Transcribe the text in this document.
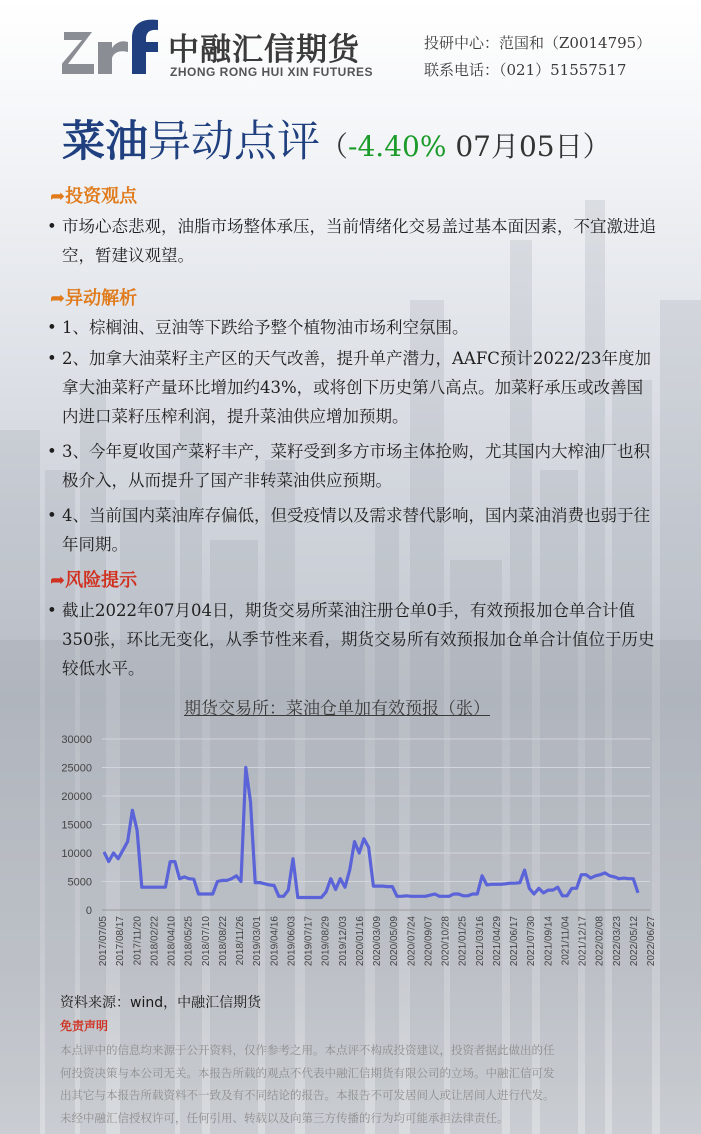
中融汇信期货
ZHONG RONG HUI XIN FUTURES
投研中心：范国和（Z0014795）
联系电话：（021）51557517
菜油异动点评（-4.40% 07月05日）
➦投资观点
• 市场心态悲观，油脂市场整体承压，当前情绪化交易盖过基本面因素，不宜激进追空，暂建议观望。
➦异动解析
• 1、棕榈油、豆油等下跌给予整个植物油市场利空氛围。
• 2、加拿大油菜籽主产区的天气改善，提升单产潜力，AAFC预计2022/23年度加拿大油菜籽产量环比增加约43%，或将创下历史第八高点。加菜籽承压或改善国内进口菜籽压榨利润，提升菜油供应增加预期。
• 3、今年夏收国产菜籽丰产，菜籽受到多方市场主体抢购，尤其国内大榨油厂也积极介入，从而提升了国产非转菜油供应预期。
• 4、当前国内菜油库存偏低，但受疫情以及需求替代影响，国内菜油消费也弱于往年同期。
➦风险提示
• 截止2022年07月04日，期货交易所菜油注册仓单0手，有效预报加仓单合计值350张，环比无变化，从季节性来看，期货交易所有效预报加仓单合计值位于历史较低水平。
期货交易所：菜油仓单加有效预报（张）
0
5000
10000
15000
20000
25000
30000
2017/07/05 2017/08/17 2017/11/20 2018/02/22 2018/04/10 2018/05/25 2018/07/10 2018/08/22 2018/11/26 2019/03/01 2019/04/16 2019/06/03 2019/07/17 2019/08/29 2019/12/03 2020/01/16 2020/03/09 2020/05/09 2020/07/24 2020/09/07 2020/10/28 2021/01/25 2021/03/16 2021/04/29 2021/06/17 2021/07/30 2021/09/14 2021/11/04 2021/12/17 2022/02/08 2022/03/23 2022/05/12 2022/06/27
资料来源：wind，中融汇信期货
免责声明
本点评中的信息均来源于公开资料，仅作参考之用。本点评不构成投资建议，投资者据此做出的任
何投资决策与本公司无关。本报告所载的观点不代表中融汇信期货有限公司的立场。中融汇信可发
出其它与本报告所载资料不一致及有不同结论的报告。本报告不可发居间人或让居间人进行代发。
未经中融汇信授权许可，任何引用、转载以及向第三方传播的行为均可能承担法律责任。
